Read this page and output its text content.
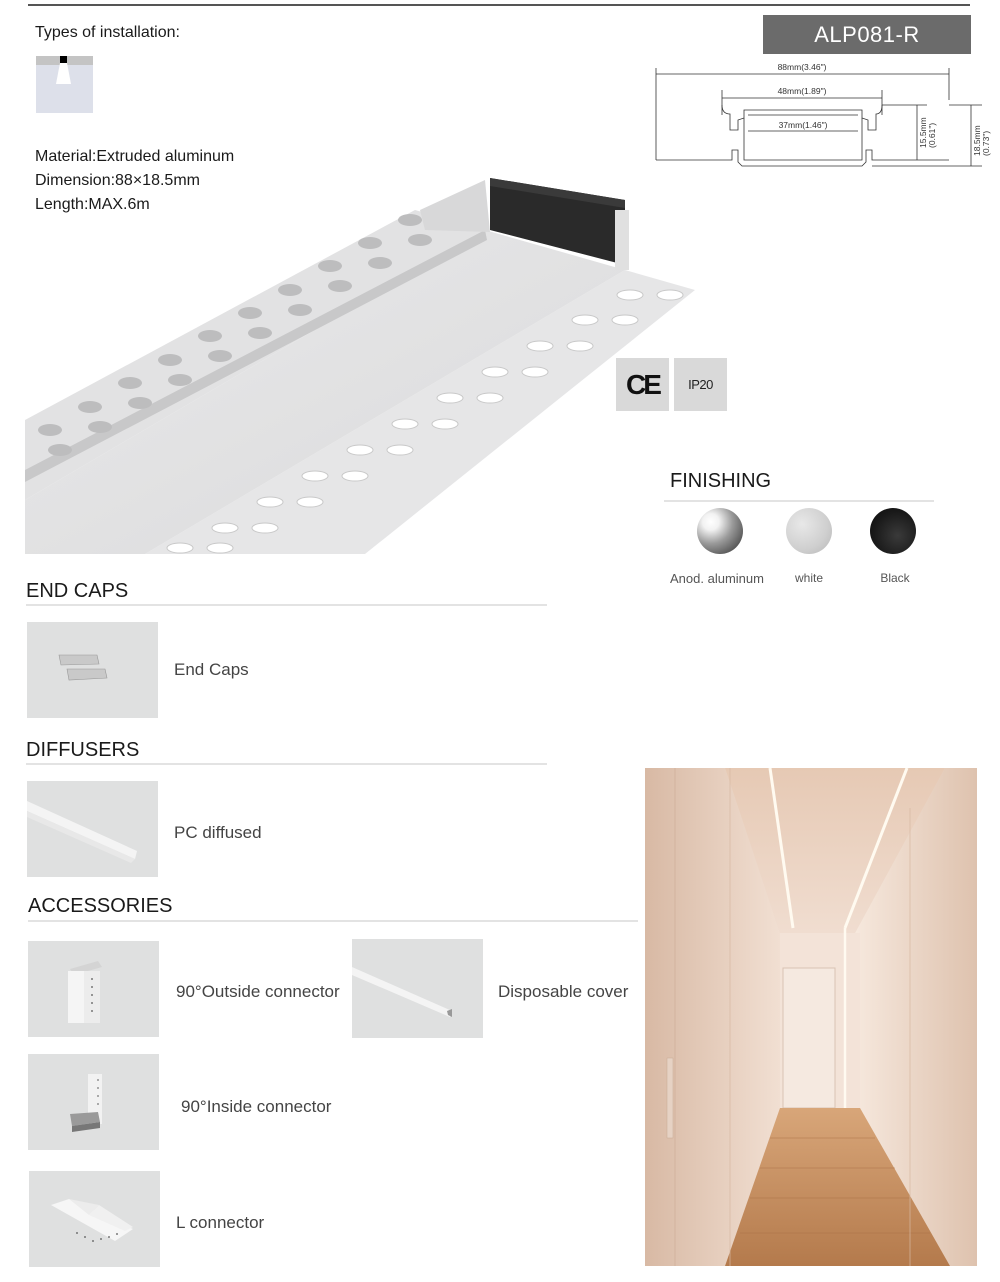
Types of installation:
Material:Extruded aluminum
Dimension:88×18.5mm
Length:MAX.6m
ALP081-R
88mm(3.46")
48mm(1.89")
37mm(1.46")	15.5mm (0.61")	18.5mm (0.73")
CE	IP20
FINISHING
Anod. aluminum	white	Black
END CAPS
End Caps
DIFFUSERS
PC diffused
ACCESSORIES
90°Outside connector	Disposable cover
90°Inside connector
L connector
